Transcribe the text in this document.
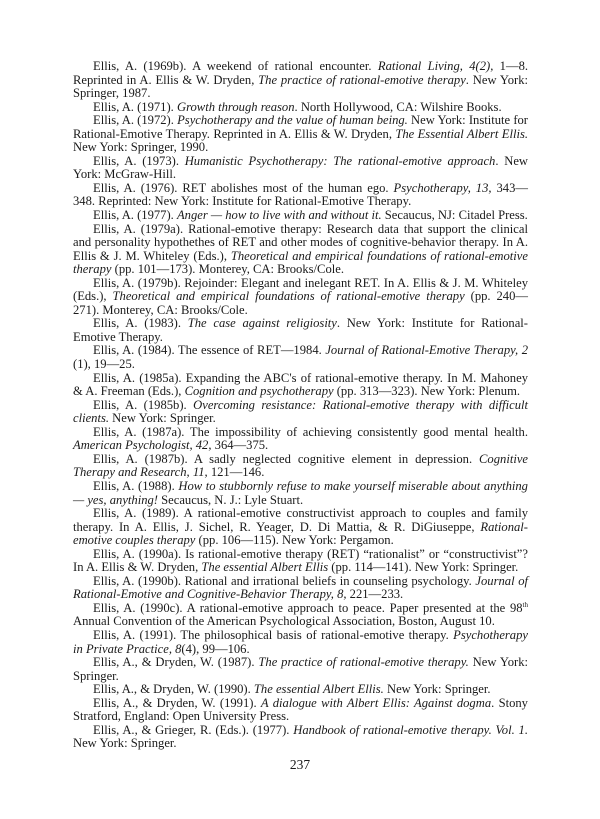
Ellis, A. (1969b). A weekend of rational encounter. Rational Living, 4(2), 1—8. Reprinted in A. Ellis & W. Dryden, The practice of rational-emotive therapy. New York: Springer, 1987.

Ellis, A. (1971). Growth through reason. North Hollywood, CA: Wilshire Books.

Ellis, A. (1972). Psychotherapy and the value of human being. New York: Institute for Rational-Emotive Therapy. Reprinted in A. Ellis & W. Dryden, The Essential Albert Ellis. New York: Springer, 1990.

Ellis, A. (1973). Humanistic Psychotherapy: The rational-emotive approach. New York: McGraw-Hill.

Ellis, A. (1976). RET abolishes most of the human ego. Psychotherapy, 13, 343—348. Reprinted: New York: Institute for Rational-Emotive Therapy.

Ellis, A. (1977). Anger — how to live with and without it. Secaucus, NJ: Citadel Press.

Ellis, A. (1979a). Rational-emotive therapy: Research data that support the clinical and personality hypothethes of RET and other modes of cognitive-behavior therapy. In A. Ellis & J. M. Whiteley (Eds.), Theoretical and empirical foundations of rational-emotive therapy (pp. 101—173). Monterey, CA: Brooks/Cole.

Ellis, A. (1979b). Rejoinder: Elegant and inelegant RET. In A. Ellis & J. M. Whiteley (Eds.), Theoretical and empirical foundations of rational-emotive therapy (pp. 240—271). Monterey, CA: Brooks/Cole.

Ellis, A. (1983). The case against religiosity. New York: Institute for Rational-Emotive Therapy.

Ellis, A. (1984). The essence of RET—1984. Journal of Rational-Emotive Therapy, 2 (1), 19—25.

Ellis, A. (1985a). Expanding the ABC's of rational-emotive therapy. In M. Mahoney & A. Freeman (Eds.), Cognition and psychotherapy (pp. 313—323). New York: Plenum.

Ellis, A. (1985b). Overcoming resistance: Rational-emotive therapy with difficult clients. New York: Springer.

Ellis, A. (1987a). The impossibility of achieving consistently good mental health. American Psychologist, 42, 364—375.

Ellis, A. (1987b). A sadly neglected cognitive element in depression. Cognitive Therapy and Research, 11, 121—146.

Ellis, A. (1988). How to stubbornly refuse to make yourself miserable about anything — yes, anything! Secaucus, N. J.: Lyle Stuart.

Ellis, A. (1989). A rational-emotive constructivist approach to couples and family therapy. In A. Ellis, J. Sichel, R. Yeager, D. Di Mattia, & R. DiGiuseppe, Rational-emotive couples therapy (pp. 106—115). New York: Pergamon.

Ellis, A. (1990a). Is rational-emotive therapy (RET) “rationalist” or “constructivist”? In A. Ellis & W. Dryden, The essential Albert Ellis (pp. 114—141). New York: Springer.

Ellis, A. (1990b). Rational and irrational beliefs in counseling psychology. Journal of Rational-Emotive and Cognitive-Behavior Therapy, 8, 221—233.

Ellis, A. (1990c). A rational-emotive approach to peace. Paper presented at the 98th Annual Convention of the American Psychological Association, Boston, August 10.

Ellis, A. (1991). The philosophical basis of rational-emotive therapy. Psychotherapy in Private Practice, 8(4), 99—106.

Ellis, A., & Dryden, W. (1987). The practice of rational-emotive therapy. New York: Springer.

Ellis, A., & Dryden, W. (1990). The essential Albert Ellis. New York: Springer.

Ellis, A., & Dryden, W. (1991). A dialogue with Albert Ellis: Against dogma. Stony Stratford, England: Open University Press.

Ellis, A., & Grieger, R. (Eds.). (1977). Handbook of rational-emotive therapy. Vol. 1. New York: Springer.

237
